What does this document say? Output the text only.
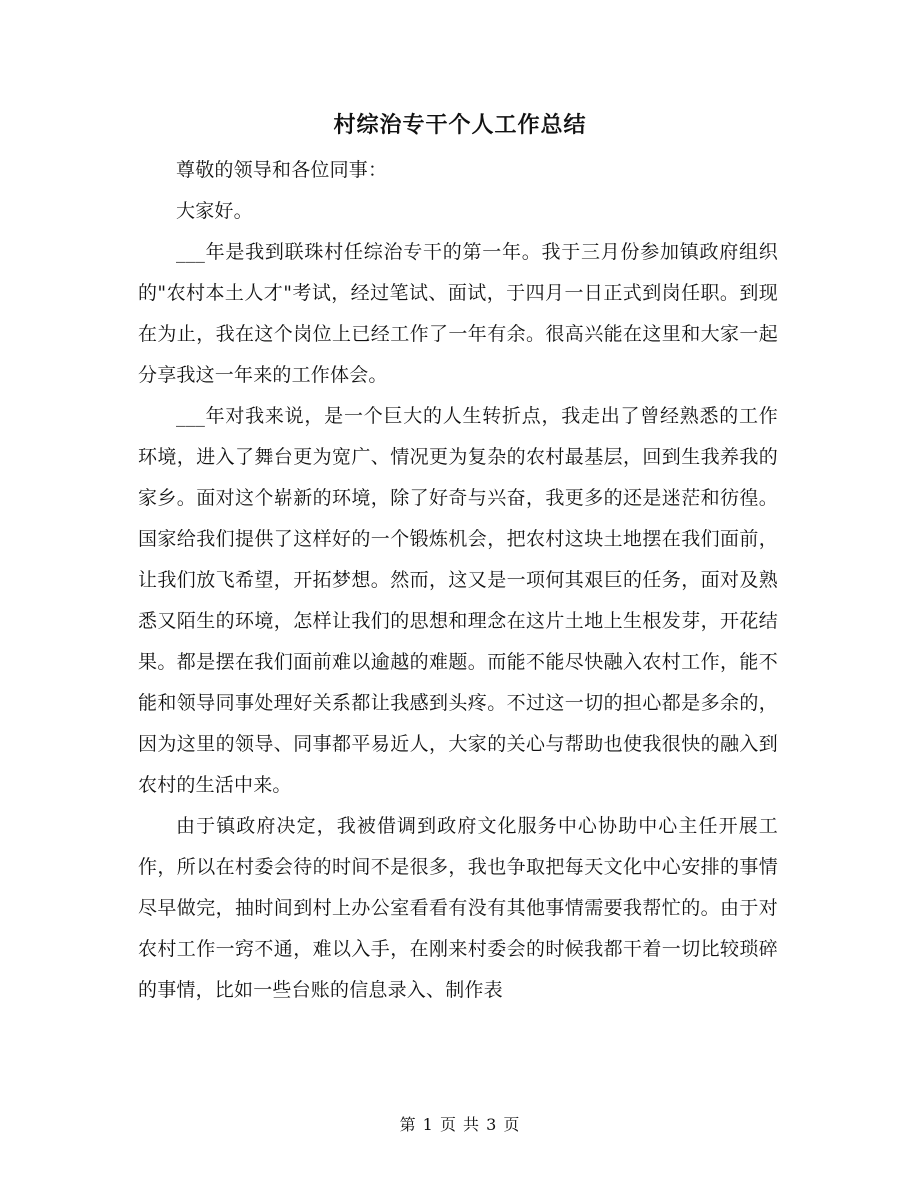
村综治专干个人工作总结

尊敬的领导和各位同事：

大家好。

___年是我到联珠村任综治专干的第一年。我于三月份参加镇政府组织的"农村本土人才"考试，经过笔试、面试，于四月一日正式到岗任职。到现在为止，我在这个岗位上已经工作了一年有余。很高兴能在这里和大家一起分享我这一年来的工作体会。

___年对我来说，是一个巨大的人生转折点，我走出了曾经熟悉的工作环境，进入了舞台更为宽广、情况更为复杂的农村最基层，回到生我养我的家乡。面对这个崭新的环境，除了好奇与兴奋，我更多的还是迷茫和彷徨。国家给我们提供了这样好的一个锻炼机会，把农村这块土地摆在我们面前，让我们放飞希望，开拓梦想。然而，这又是一项何其艰巨的任务，面对及熟悉又陌生的环境，怎样让我们的思想和理念在这片土地上生根发芽，开花结果。都是摆在我们面前难以逾越的难题。而能不能尽快融入农村工作，能不能和领导同事处理好关系都让我感到头疼。不过这一切的担心都是多余的，因为这里的领导、同事都平易近人，大家的关心与帮助也使我很快的融入到农村的生活中来。

由于镇政府决定，我被借调到政府文化服务中心协助中心主任开展工作，所以在村委会待的时间不是很多，我也争取把每天文化中心安排的事情尽早做完，抽时间到村上办公室看看有没有其他事情需要我帮忙的。由于对农村工作一窍不通，难以入手，在刚来村委会的时候我都干着一切比较琐碎的事情，比如一些台账的信息录入、制作表

第 1 页 共 3 页
